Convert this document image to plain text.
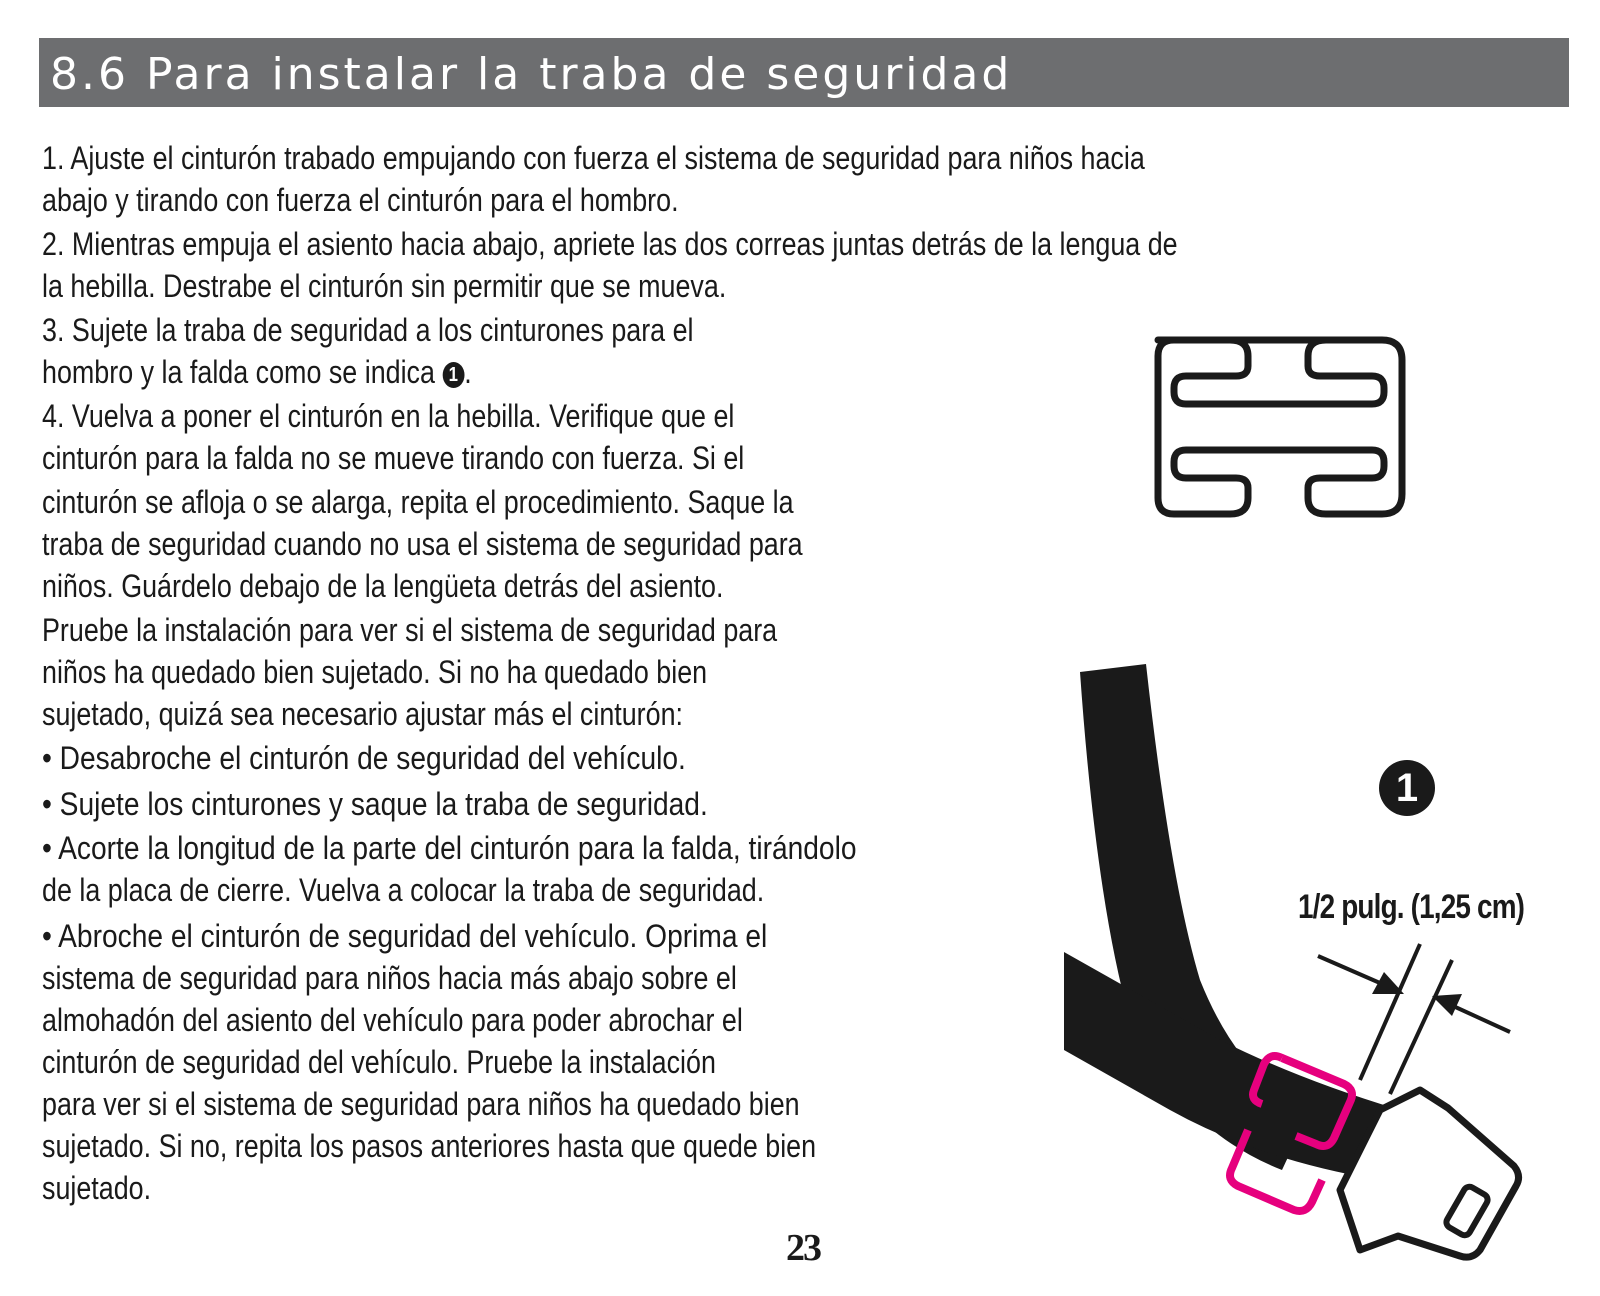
8.6 Para instalar la traba de seguridad
1. Ajuste el cinturón trabado empujando con fuerza el sistema de seguridad para niños hacia
abajo y tirando con fuerza el cinturón para el hombro.
2. Mientras empuja el asiento hacia abajo, apriete las dos correas juntas detrás de la lengua de
la hebilla. Destrabe el cinturón sin permitir que se mueva.
3. Sujete la traba de seguridad a los cinturones para el
hombro y la falda como se indica 1 .
4. Vuelva a poner el cinturón en la hebilla. Verifique que el
cinturón para la falda no se mueve tirando con fuerza. Si el
cinturón se afloja o se alarga, repita el procedimiento. Saque la
traba de seguridad cuando no usa el sistema de seguridad para
niños. Guárdelo debajo de la lengüeta detrás del asiento.
Pruebe la instalación para ver si el sistema de seguridad para
niños ha quedado bien sujetado. Si no ha quedado bien
sujetado, quizá sea necesario ajustar más el cinturón:
• Desabroche el cinturón de seguridad del vehículo.
• Sujete los cinturones y saque la traba de seguridad.
• Acorte la longitud de la parte del cinturón para la falda, tirándolo
de la placa de cierre. Vuelva a colocar la traba de seguridad.
• Abroche el cinturón de seguridad del vehículo. Oprima el
sistema de seguridad para niños hacia más abajo sobre el
almohadón del asiento del vehículo para poder abrochar el
cinturón de seguridad del vehículo. Pruebe la instalación
para ver si el sistema de seguridad para niños ha quedado bien
sujetado. Si no, repita los pasos anteriores hasta que quede bien
sujetado.
1
1/2 pulg. (1,25 cm)
23
